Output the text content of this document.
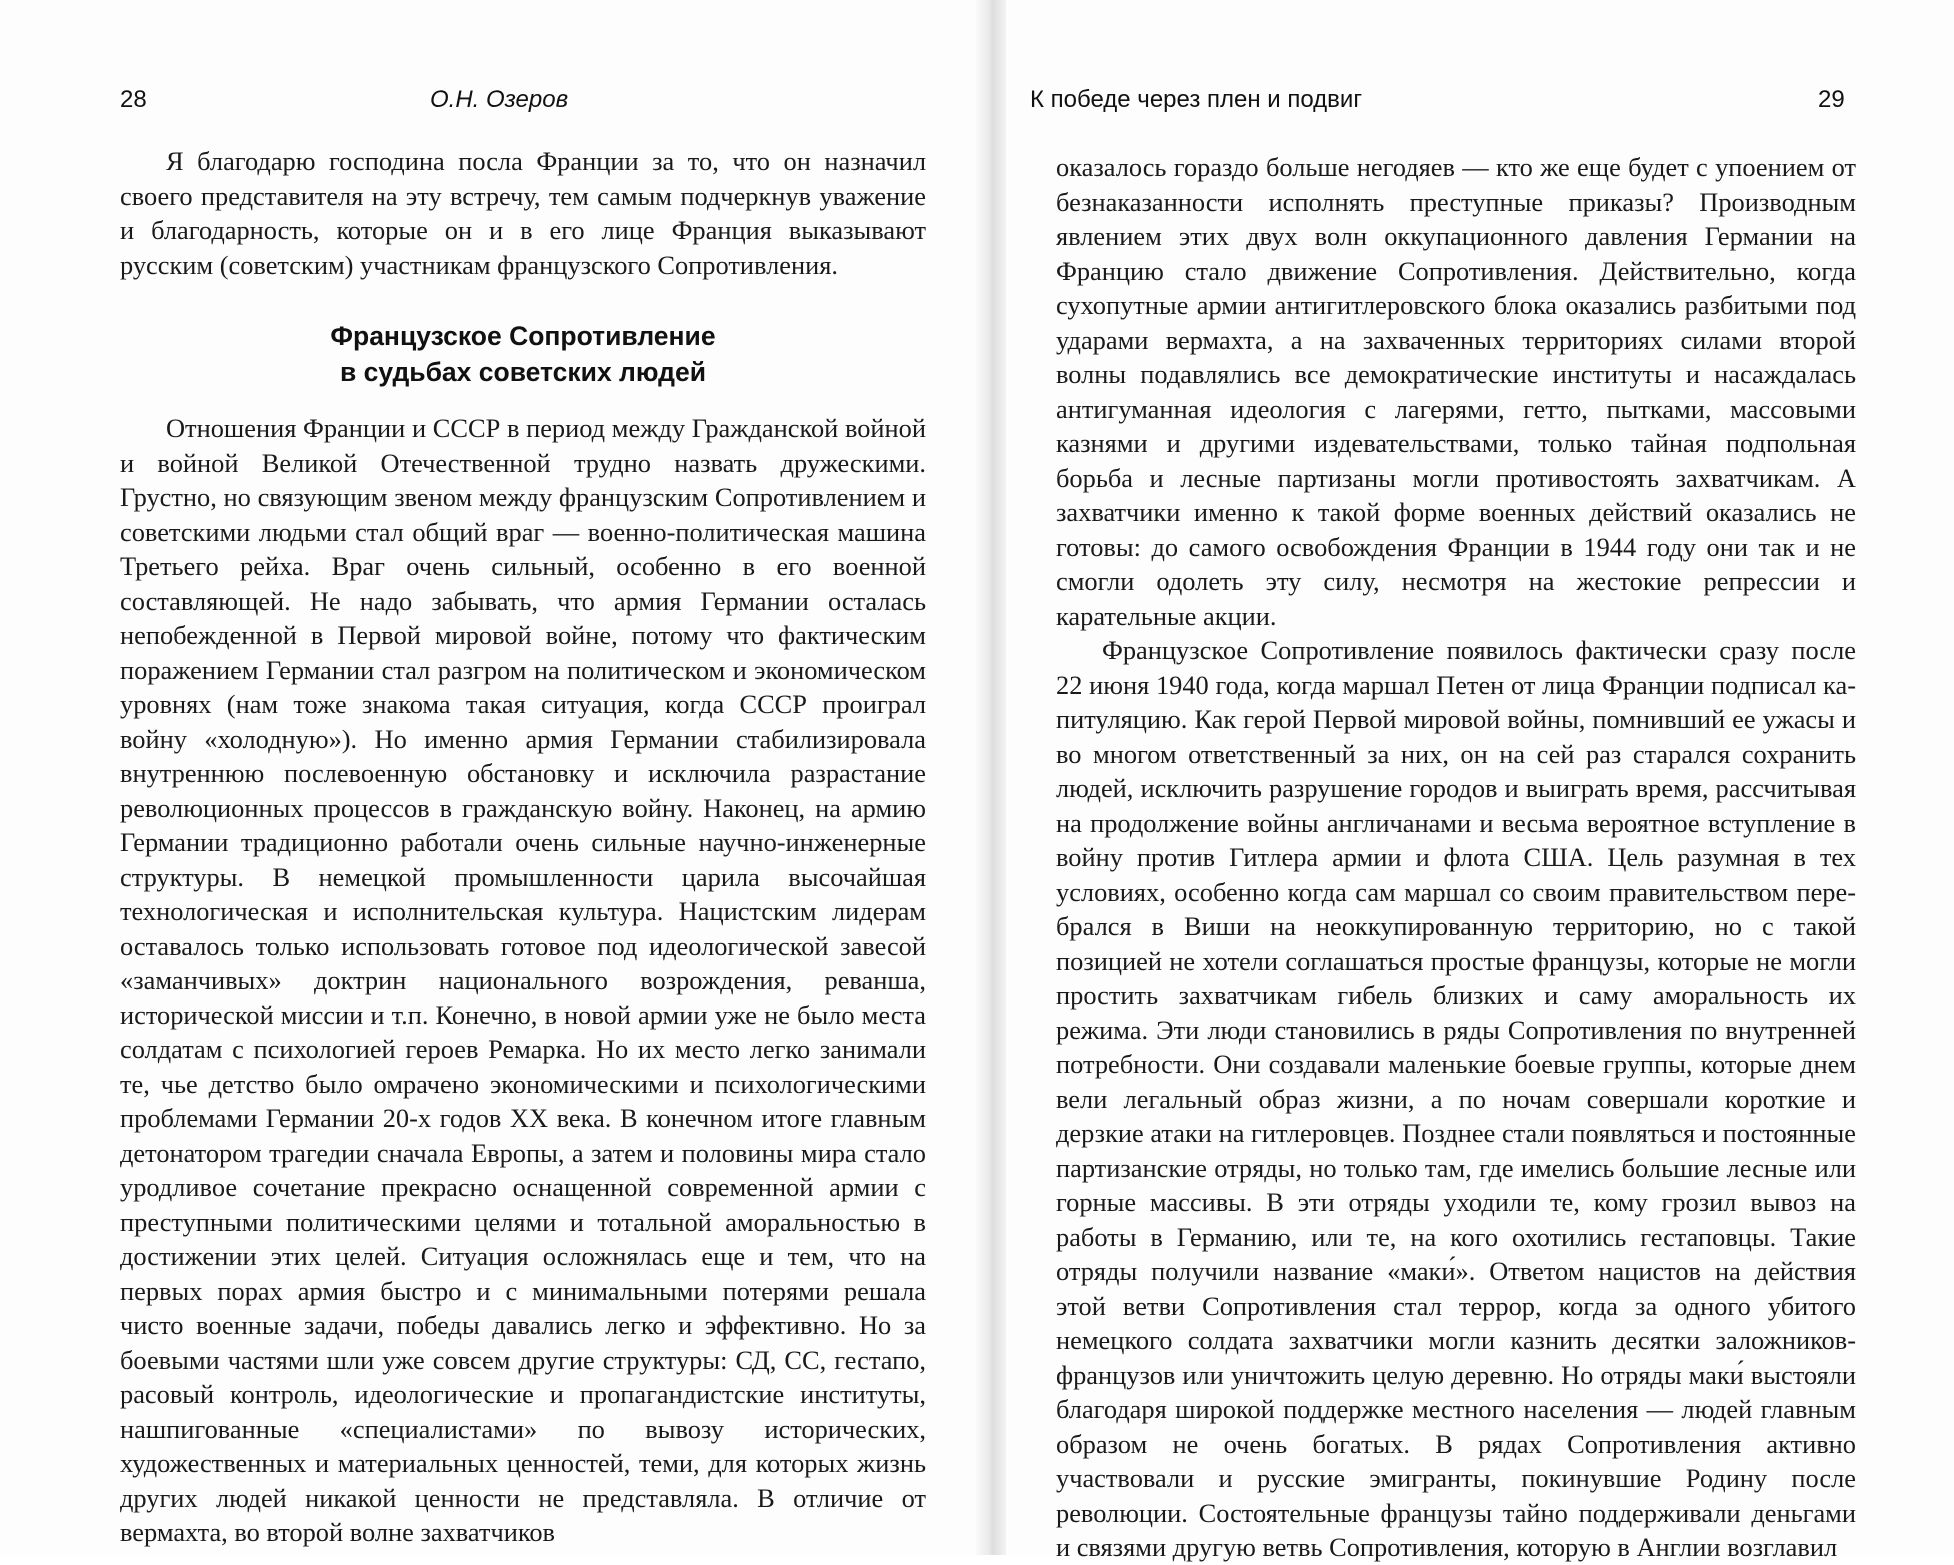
28	О.Н. Озеров

Я благодарю господина посла Франции за то, что он назначил своего представителя на эту встречу, тем самым подчеркнув уважение и благодарность, которые он и в его лице Франция выказывают русским (советским) участникам французского Сопротивления.

Французское Сопротивление
в судьбах советских людей

Отношения Франции и СССР в период между Гражданской войной и войной Великой Отечественной трудно назвать дружескими. Грустно, но связующим звеном между французским Сопротивлением и советскими людьми стал общий враг — военно-политическая машина Третьего рейха. Враг очень сильный, особенно в его военной составляющей. Не надо забывать, что армия Германии осталась непобежденной в Первой мировой войне, потому что фактическим поражением Германии стал разгром на политическом и экономическом уровнях (нам тоже знакома такая ситуация, когда СССР проиграл войну «холодную»). Но именно армия Германии стабилизировала внутреннюю послевоенную обстановку и исключила разрастание революционных процессов в гражданскую войну. Наконец, на армию Германии традиционно работали очень сильные научно-инженерные структуры. В немецкой промышленности царила высочайшая технологическая и исполнительская культура. Нацистским лидерам оставалось только использовать готовое под идеологической завесой «заманчивых» доктрин национального возрождения, реванша, исторической миссии и т.п. Конечно, в новой армии уже не было места солдатам с психологией героев Ремарка. Но их место легко занимали те, чье детство было омрачено экономическими и психологическими проблемами Германии 20-х годов XX века. В конечном итоге главным детонатором трагедии сначала Европы, а затем и половины мира стало уродливое сочетание прекрасно оснащенной современной армии с преступными политическими целями и тотальной аморальностью в достижении этих целей. Ситуация осложнялась еще и тем, что на первых порах армия быстро и с минимальными потерями решала чисто военные задачи, победы давались легко и эффективно. Но за боевыми частями шли уже совсем другие структуры: СД, СС, гестапо, расовый контроль, идеологические и пропагандистские институты, нашпигованные «специалистами» по вывозу исторических, художественных и материальных ценностей, теми, для которых жизнь других людей никакой ценности не представляла. В отличие от вермахта, во второй волне захватчиков

К победе через плен и подвиг	29

оказалось гораздо больше негодяев — кто же еще будет с упоением от безнаказанности исполнять преступные приказы? Производным явлением этих двух волн оккупационного давления Германии на Францию стало движение Сопротивления. Действительно, когда сухопутные армии антигитлеровского блока оказались разбитыми под ударами вермахта, а на захваченных территориях силами второй волны подавлялись все демократические институты и насаждалась антигуманная идеология с лагерями, гетто, пытками, массовыми казнями и другими издевательствами, только тайная подпольная борьба и лесные партизаны могли противостоять захватчикам. А захватчики именно к такой форме военных действий оказались не готовы: до самого освобождения Франции в 1944 году они так и не смогли одолеть эту силу, несмотря на жестокие репрессии и карательные акции.

Французское Сопротивление появилось фактически сразу после 22 июня 1940 года, когда маршал Петен от лица Франции подписал капитуляцию. Как герой Первой мировой войны, помнивший ее ужасы и во многом ответственный за них, он на сей раз старался сохранить людей, исключить разрушение городов и выиграть время, рассчитывая на продолжение войны англичанами и весьма вероятное вступление в войну против Гитлера армии и флота США. Цель разумная в тех условиях, особенно когда сам маршал со своим правительством перебрался в Виши на неоккупированную территорию, но с такой позицией не хотели соглашаться простые французы, которые не могли простить захватчикам гибель близких и саму аморальность их режима. Эти люди становились в ряды Сопротивления по внутренней потребности. Они создавали маленькие боевые группы, которые днем вели легальный образ жизни, а по ночам совершали короткие и дерзкие атаки на гитлеровцев. Позднее стали появляться и постоянные партизанские отряды, но только там, где имелись большие лесные или горные массивы. В эти отряды уходили те, кому грозил вывоз на работы в Германию, или те, на кого охотились гестаповцы. Такие отряды получили название «маки́». Ответом нацистов на действия этой ветви Сопротивления стал террор, когда за одного убитого немецкого солдата захватчики могли казнить десятки заложников-французов или уничтожить целую деревню. Но отряды маки́ выстояли благодаря широкой поддержке местного населения — людей главным образом не очень богатых. В рядах Сопротивления активно участвовали и русские эмигранты, покинувшие Родину после революции. Состоятельные французы тайно поддерживали деньгами и связями другую ветвь Сопротивления, которую в Англии возглавил
